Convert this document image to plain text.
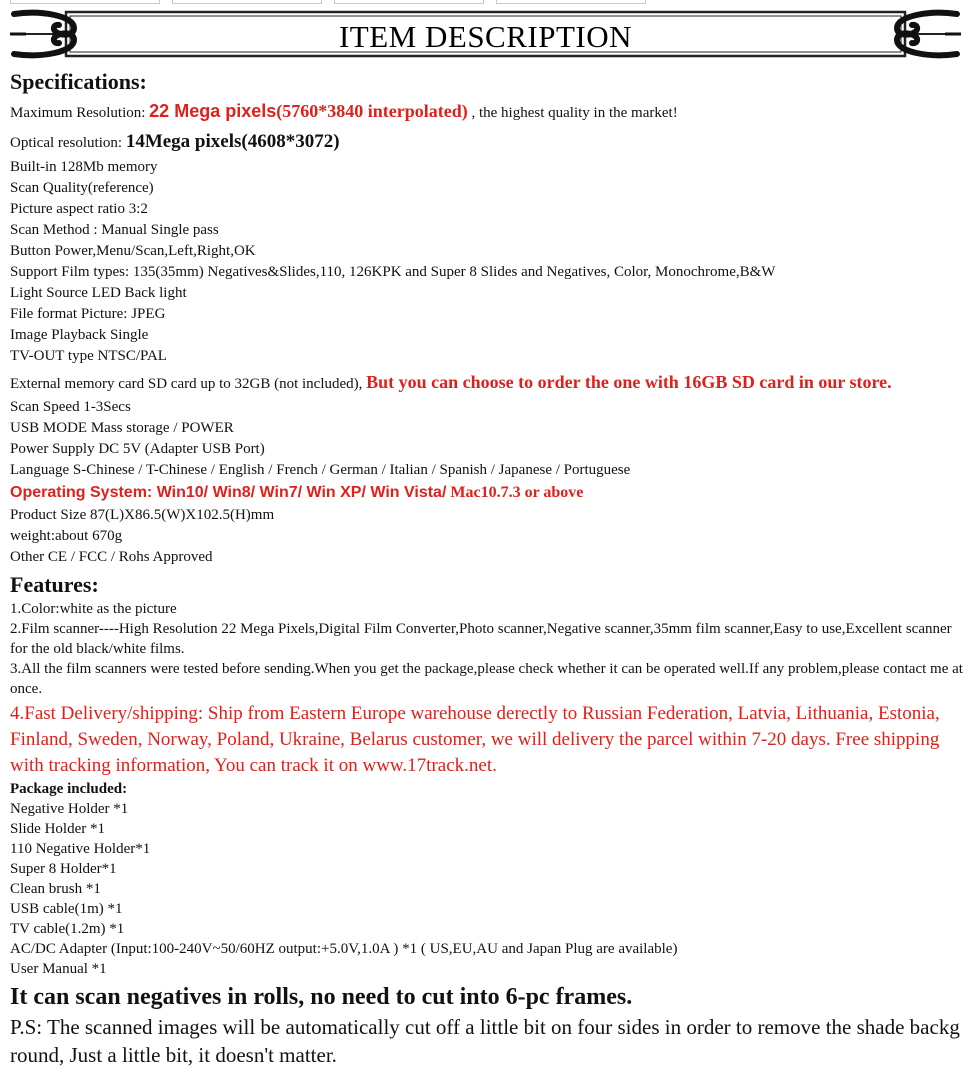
ITEM DESCRIPTION
Specifications:
Maximum Resolution: 22 Mega pixels(5760*3840 interpolated) , the highest quality in the market!
Optical resolution: 14Mega pixels(4608*3072)
Built-in 128Mb memory
Scan Quality(reference)
Picture aspect ratio 3:2
Scan Method : Manual Single pass
Button Power,Menu/Scan,Left,Right,OK
Support Film types: 135(35mm) Negatives&Slides,110, 126KPK and Super 8 Slides and Negatives, Color, Monochrome,B&W
Light Source LED Back light
File format Picture: JPEG
Image Playback Single
TV-OUT type NTSC/PAL
External memory card SD card up to 32GB (not included), But you can choose to order the one with 16GB SD card in our store.
Scan Speed 1-3Secs
USB MODE Mass storage / POWER
Power Supply DC 5V (Adapter USB Port)
Language S-Chinese / T-Chinese / English / French / German / Italian / Spanish / Japanese / Portuguese
Operating System: Win10/ Win8/ Win7/ Win XP/ Win Vista/ Mac10.7.3 or above
Product Size 87(L)X86.5(W)X102.5(H)mm
weight:about 670g
Other CE / FCC / Rohs Approved
Features:
1.Color:white as the picture
2.Film scanner----High Resolution 22 Mega Pixels,Digital Film Converter,Photo scanner,Negative scanner,35mm film scanner,Easy to use,Excellent scanner for the old black/white films.
3.All the film scanners were tested before sending.When you get the package,please check whether it can be operated well.If any problem,please contact me at once.
4.Fast Delivery/shipping: Ship from Eastern Europe warehouse derectly to Russian Federation, Latvia, Lithuania, Estonia, Finland, Sweden, Norway, Poland, Ukraine, Belarus customer, we will delivery the parcel within 7-20 days. Free shipping with tracking information, You can track it on www.17track.net.
Package included:
Negative Holder *1
Slide Holder *1
110 Negative Holder*1
Super 8 Holder*1
Clean brush *1
USB cable(1m) *1
TV cable(1.2m) *1
AC/DC Adapter (Input:100-240V~50/60HZ output:+5.0V,1.0A ) *1 ( US,EU,AU and Japan Plug are available)
User Manual *1
It can scan negatives in rolls, no need to cut into 6-pc frames.
P.S: The scanned images will be automatically cut off a little bit on four sides in order to remove the shade background, Just a little bit, it doesn't matter.
